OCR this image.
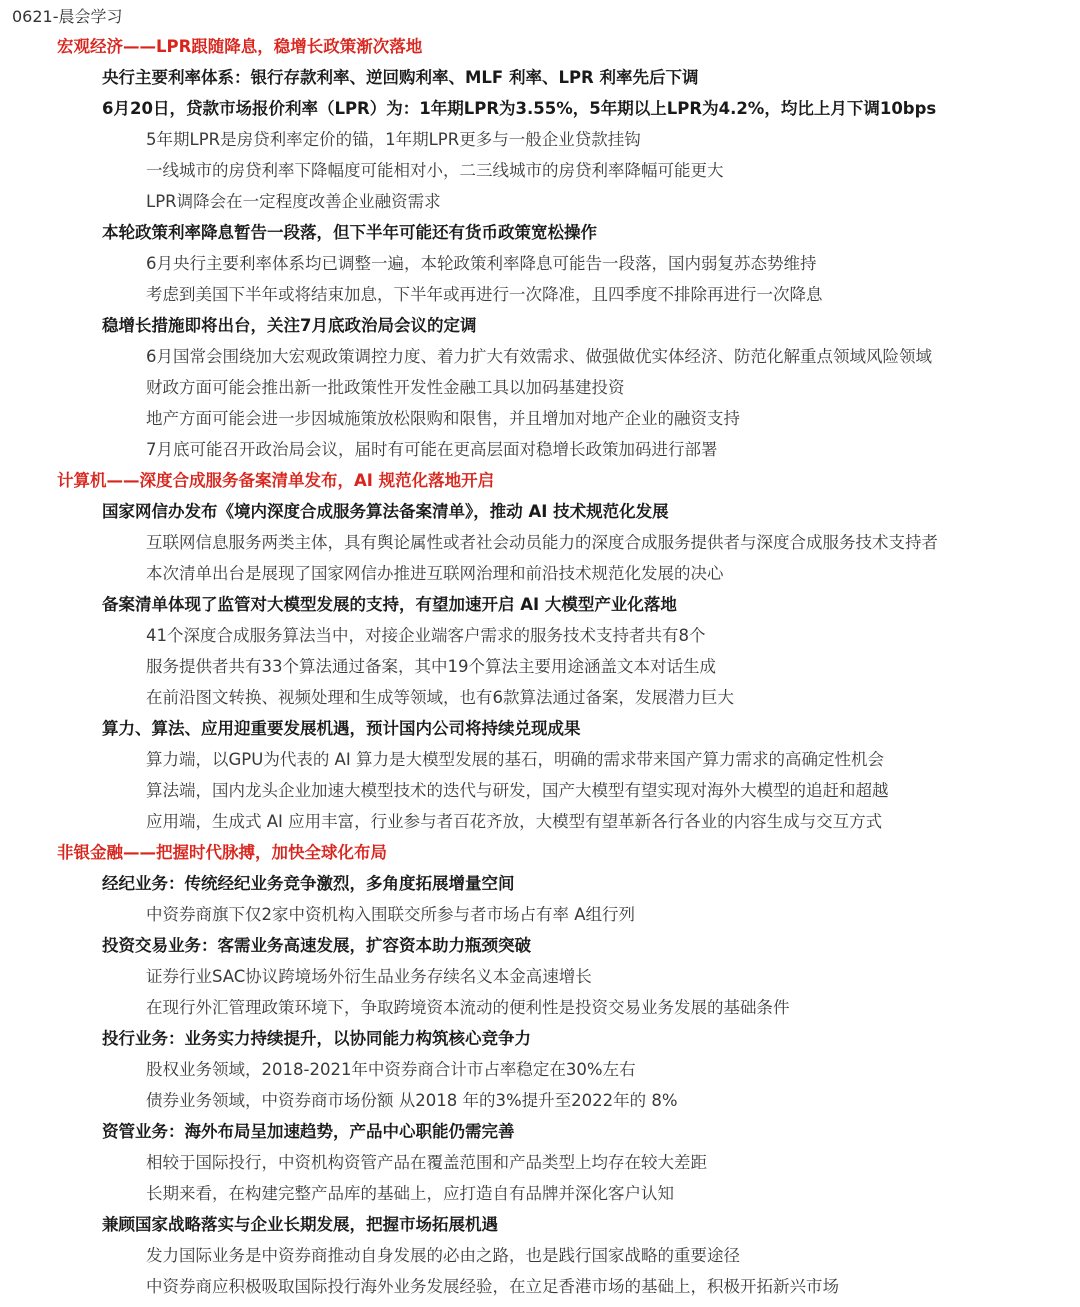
0621-晨会学习
宏观经济——LPR跟随降息，稳增长政策渐次落地
央行主要利率体系：银行存款利率、逆回购利率、MLF 利率、LPR 利率先后下调
6月20日，贷款市场报价利率（LPR）为：1年期LPR为3.55%，5年期以上LPR为4.2%，均比上月下调10bps
5年期LPR是房贷利率定价的锚，1年期LPR更多与一般企业贷款挂钩
一线城市的房贷利率下降幅度可能相对小，二三线城市的房贷利率降幅可能更大
LPR调降会在一定程度改善企业融资需求
本轮政策利率降息暂告一段落，但下半年可能还有货币政策宽松操作
6月央行主要利率体系均已调整一遍，本轮政策利率降息可能告一段落，国内弱复苏态势维持
考虑到美国下半年或将结束加息，下半年或再进行一次降准，且四季度不排除再进行一次降息
稳增长措施即将出台，关注7月底政治局会议的定调
6月国常会围绕加大宏观政策调控力度、着力扩大有效需求、做强做优实体经济、防范化解重点领域风险领域
财政方面可能会推出新一批政策性开发性金融工具以加码基建投资
地产方面可能会进一步因城施策放松限购和限售，并且增加对地产企业的融资支持
7月底可能召开政治局会议，届时有可能在更高层面对稳增长政策加码进行部署
计算机——深度合成服务备案清单发布，AI 规范化落地开启
国家网信办发布《境内深度合成服务算法备案清单》，推动 AI 技术规范化发展
互联网信息服务两类主体，具有舆论属性或者社会动员能力的深度合成服务提供者与深度合成服务技术支持者
本次清单出台是展现了国家网信办推进互联网治理和前沿技术规范化发展的决心
备案清单体现了监管对大模型发展的支持，有望加速开启 AI 大模型产业化落地
41个深度合成服务算法当中，对接企业端客户需求的服务技术支持者共有8个
服务提供者共有33个算法通过备案，其中19个算法主要用途涵盖文本对话生成
在前沿图文转换、视频处理和生成等领域，也有6款算法通过备案，发展潜力巨大
算力、算法、应用迎重要发展机遇，预计国内公司将持续兑现成果
算力端，以GPU为代表的 AI 算力是大模型发展的基石，明确的需求带来国产算力需求的高确定性机会
算法端，国内龙头企业加速大模型技术的迭代与研发，国产大模型有望实现对海外大模型的追赶和超越
应用端，生成式 AI 应用丰富，行业参与者百花齐放，大模型有望革新各行各业的内容生成与交互方式
非银金融——把握时代脉搏，加快全球化布局
经纪业务：传统经纪业务竞争激烈，多角度拓展增量空间
中资券商旗下仅2家中资机构入围联交所参与者市场占有率 A组行列
投资交易业务：客需业务高速发展，扩容资本助力瓶颈突破
证券行业SAC协议跨境场外衍生品业务存续名义本金高速增长
在现行外汇管理政策环境下，争取跨境资本流动的便利性是投资交易业务发展的基础条件
投行业务：业务实力持续提升，以协同能力构筑核心竞争力
股权业务领域，2018-2021年中资券商合计市占率稳定在30%左右
债券业务领域，中资券商市场份额 从2018 年的3%提升至2022年的 8%
资管业务：海外布局呈加速趋势，产品中心职能仍需完善
相较于国际投行，中资机构资管产品在覆盖范围和产品类型上均存在较大差距
长期来看，在构建完整产品库的基础上，应打造自有品牌并深化客户认知
兼顾国家战略落实与企业长期发展，把握市场拓展机遇
发力国际业务是中资券商推动自身发展的必由之路，也是践行国家战略的重要途径
中资券商应积极吸取国际投行海外业务发展经验，在立足香港市场的基础上，积极开拓新兴市场
